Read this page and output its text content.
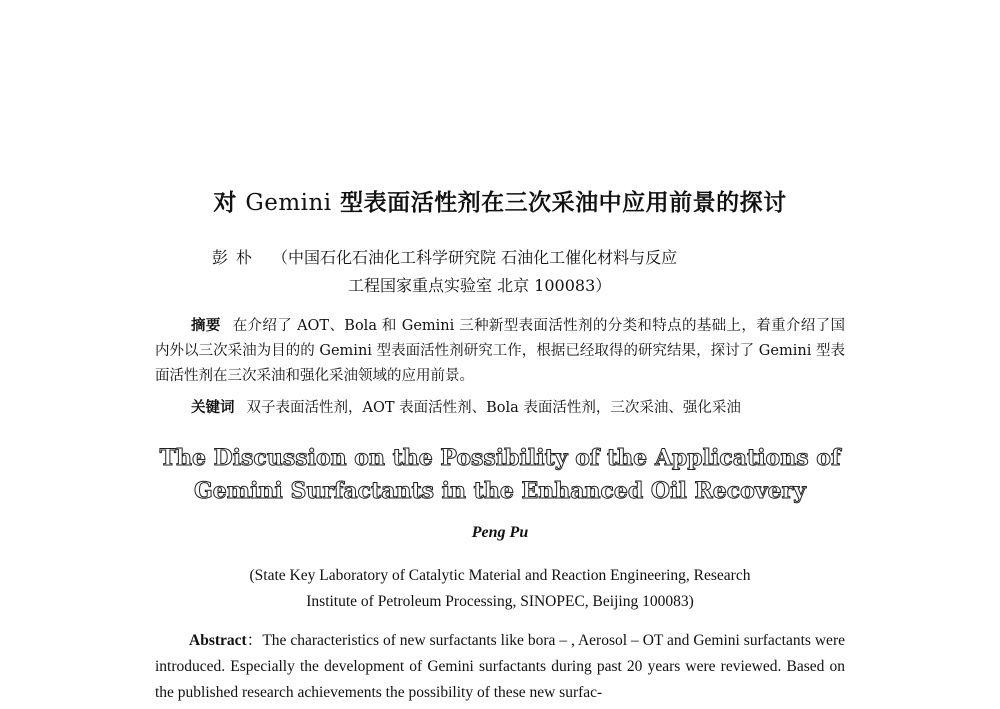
对 Gemini 型表面活性剂在三次采油中应用前景的探讨
彭朴 （中国石化石油化工科学研究院 石油化工催化材料与反应
工程国家重点实验室 北京 100083）
摘要 在介绍了 AOT、Bola 和 Gemini 三种新型表面活性剂的分类和特点的基础上，着重介绍了国内外以三次采油为目的的 Gemini 型表面活性剂研究工作，根据已经取得的研究结果，探讨了 Gemini 型表面活性剂在三次采油和强化采油领域的应用前景。
关键词 双子表面活性剂，AOT 表面活性剂、Bola 表面活性剂，三次采油、强化采油
The Discussion on the Possibility of the Applications of
Gemini Surfactants in the Enhanced Oil Recovery
Peng Pu
(State Key Laboratory of Catalytic Material and Reaction Engineering, Research
Institute of Petroleum Processing, SINOPEC, Beijing 100083)
Abstract：The characteristics of new surfactants like bora – , Aerosol – OT and Gemini surfactants were introduced. Especially the development of Gemini surfactants during past 20 years were reviewed. Based on the published research achievements the possibility of these new surfac-
